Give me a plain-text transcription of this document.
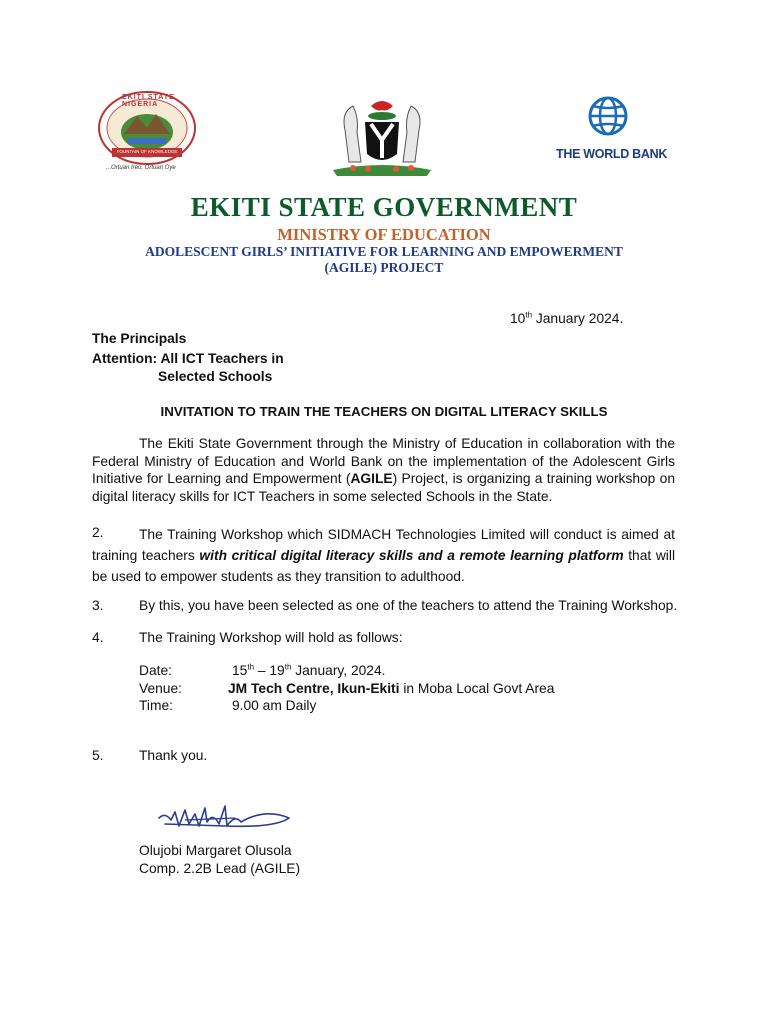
EKITI STATE NIGERIA
FOUNTAIN OF KNOWLEDGE
...Ortuan Ireo, Ortuan Oye
THE WORLD BANK
EKITI STATE GOVERNMENT
MINISTRY OF EDUCATION
ADOLESCENT GIRLS’ INITIATIVE FOR LEARNING AND EMPOWERMENT
(AGILE) PROJECT
10th January 2024.
The Principals
Attention: All ICT Teachers in
Selected Schools
INVITATION TO TRAIN THE TEACHERS ON DIGITAL LITERACY SKILLS
The Ekiti State Government through the Ministry of Education in collaboration with the Federal Ministry of Education and World Bank on the implementation of the Adolescent Girls Initiative for Learning and Empowerment (AGILE) Project, is organizing a training workshop on digital literacy skills for ICT Teachers in some selected Schools in the State.
2.	The Training Workshop which SIDMACH Technologies Limited will conduct is aimed at training teachers with critical digital literacy skills and a remote learning platform that will be used to empower students as they transition to adulthood.
3.	By this, you have been selected as one of the teachers to attend the Training Workshop.
4.	The Training Workshop will hold as follows:
Date:	15th – 19th January, 2024.
Venue:	JM Tech Centre, Ikun-Ekiti in Moba Local Govt Area
Time:	9.00 am Daily
5.	Thank you.
Olujobi Margaret Olusola
Comp. 2.2B Lead (AGILE)
